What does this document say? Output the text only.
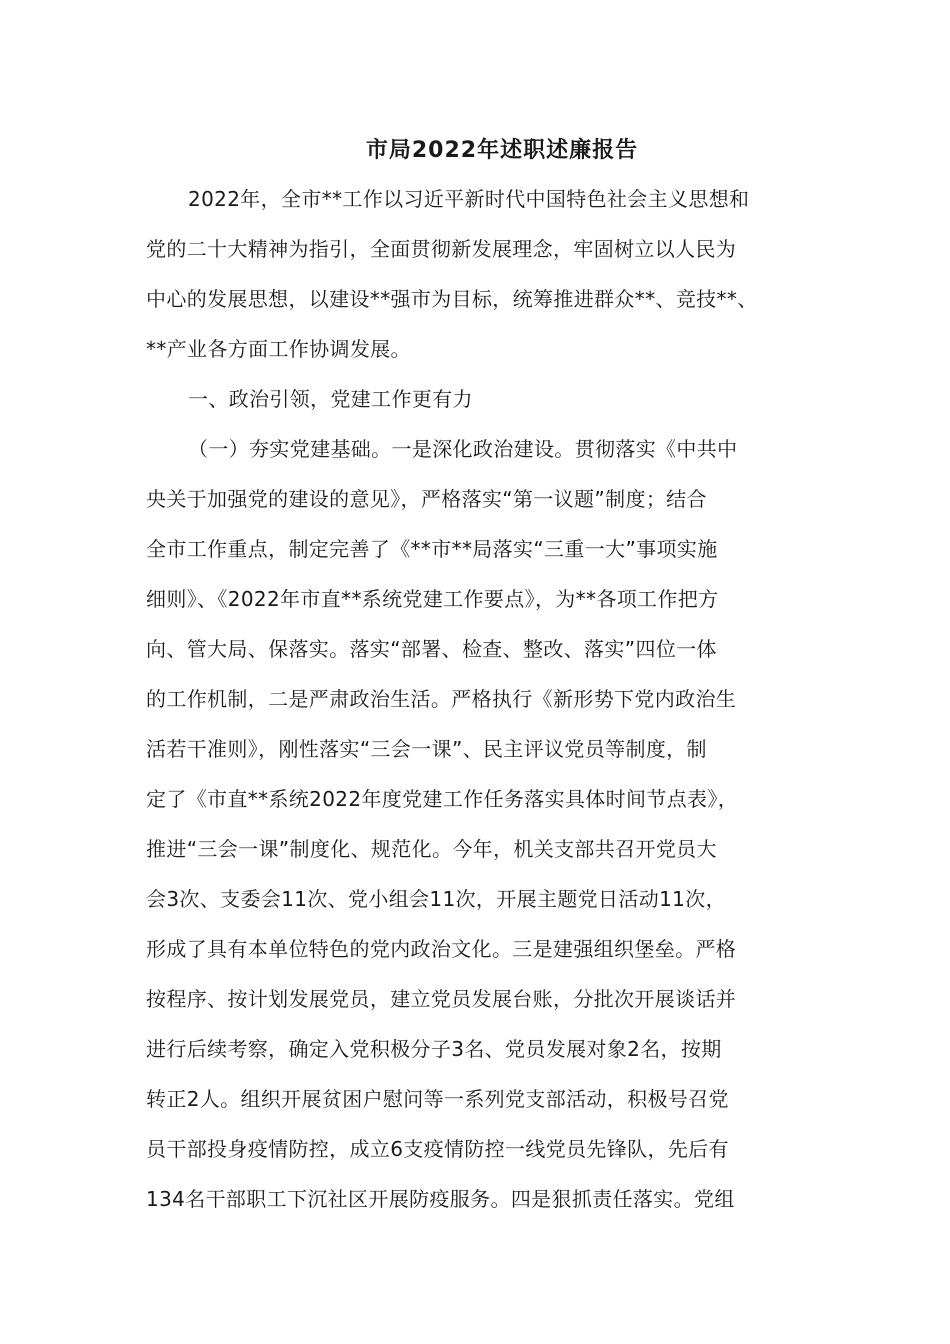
市局2022年述职述廉报告
2022年，全市**工作以习近平新时代中国特色社会主义思想和
党的二十大精神为指引，全面贯彻新发展理念，牢固树立以人民为
中心的发展思想，以建设**强市为目标，统筹推进群众**、竞技**、
**产业各方面工作协调发展。
一、政治引领，党建工作更有力
（一）夯实党建基础。一是深化政治建设。贯彻落实《中共中
央关于加强党的建设的意见》，严格落实“第一议题”制度；结合
全市工作重点，制定完善了《**市**局落实“三重一大”事项实施
细则》、《2022年市直**系统党建工作要点》，为**各项工作把方
向、管大局、保落实。落实“部署、检查、整改、落实”四位一体
的工作机制，二是严肃政治生活。严格执行《新形势下党内政治生
活若干准则》，刚性落实“三会一课”、民主评议党员等制度，制
定了《市直**系统2022年度党建工作任务落实具体时间节点表》，
推进“三会一课”制度化、规范化。今年，机关支部共召开党员大
会3次、支委会11次、党小组会11次，开展主题党日活动11次，
形成了具有本单位特色的党内政治文化。三是建强组织堡垒。严格
按程序、按计划发展党员，建立党员发展台账，分批次开展谈话并
进行后续考察，确定入党积极分子3名、党员发展对象2名，按期
转正2人。组织开展贫困户慰问等一系列党支部活动，积极号召党
员干部投身疫情防控，成立6支疫情防控一线党员先锋队，先后有
134名干部职工下沉社区开展防疫服务。四是狠抓责任落实。党组
